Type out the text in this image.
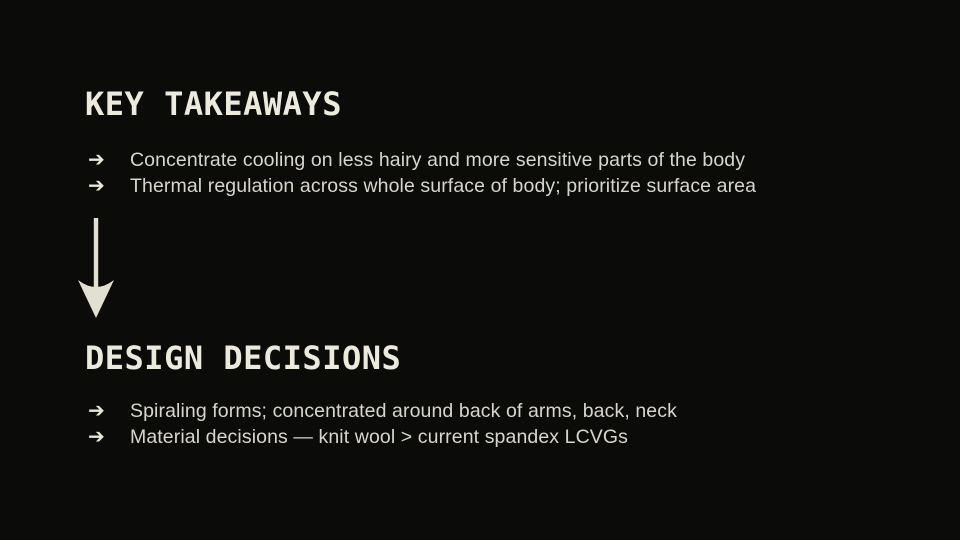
KEY TAKEAWAYS
➔	Concentrate cooling on less hairy and more sensitive parts of the body
➔	Thermal regulation across whole surface of body; prioritize surface area
DESIGN DECISIONS
➔	Spiraling forms; concentrated around back of arms, back, neck
➔	Material decisions — knit wool > current spandex LCVGs
